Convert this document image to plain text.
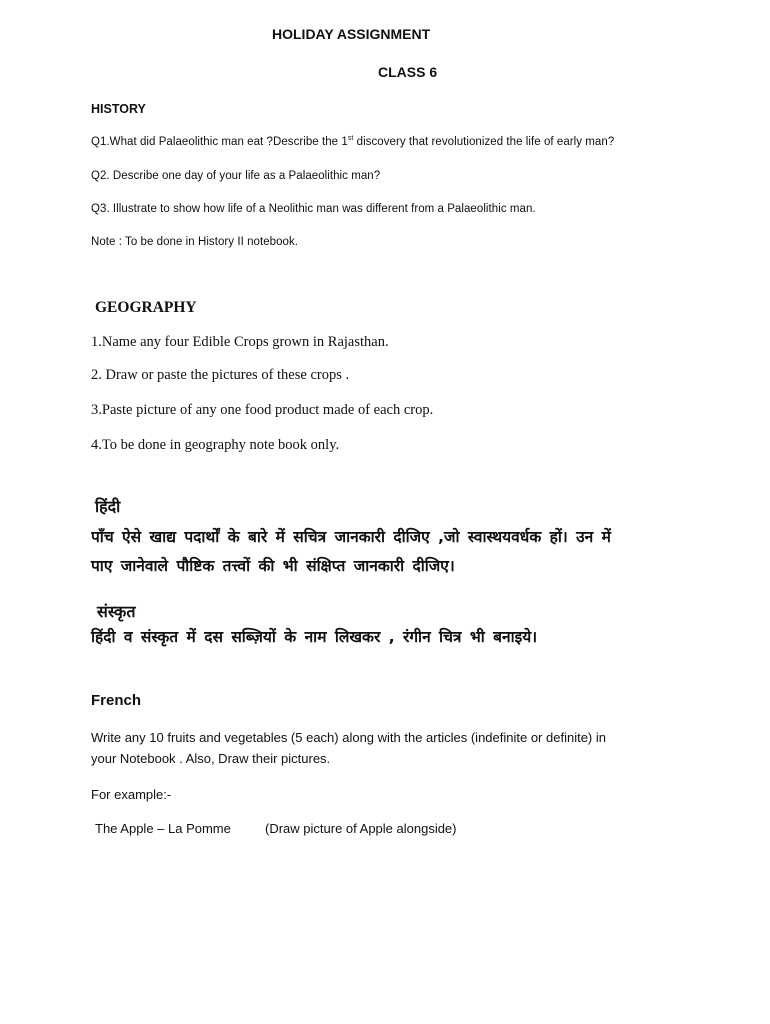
HOLIDAY ASSIGNMENT
CLASS 6
HISTORY
Q1.What did Palaeolithic man eat ?Describe the 1st discovery that revolutionized the life of early man?
Q2. Describe one day of your life as a Palaeolithic man?
Q3. Illustrate to show how life of a Neolithic man was different from a Palaeolithic man.
Note : To be done in History II notebook.
GEOGRAPHY
1.Name any four Edible Crops grown in Rajasthan.
2. Draw or paste the pictures of these crops .
3.Paste picture of any one food product made of each crop.
4.To be done in geography note book only.
हिंदी
पाँच ऐसे खाद्य पदार्थों के बारे में सचित्र जानकारी दीजिए ,जो स्वास्थयवर्धक हों। उन में
पाए जानेवाले पौष्टिक तत्त्वों की भी संक्षिप्त जानकारी दीजिए।
संस्कृत
हिंदी व संस्कृत में दस सब्ज़ियों के नाम लिखकर , रंगीन चित्र भी बनाइये।
French
Write any 10 fruits and vegetables (5 each) along with the articles (indefinite or definite) in
your Notebook . Also, Draw their pictures.
For example:-
The Apple – La Pomme	(Draw picture of Apple alongside)
